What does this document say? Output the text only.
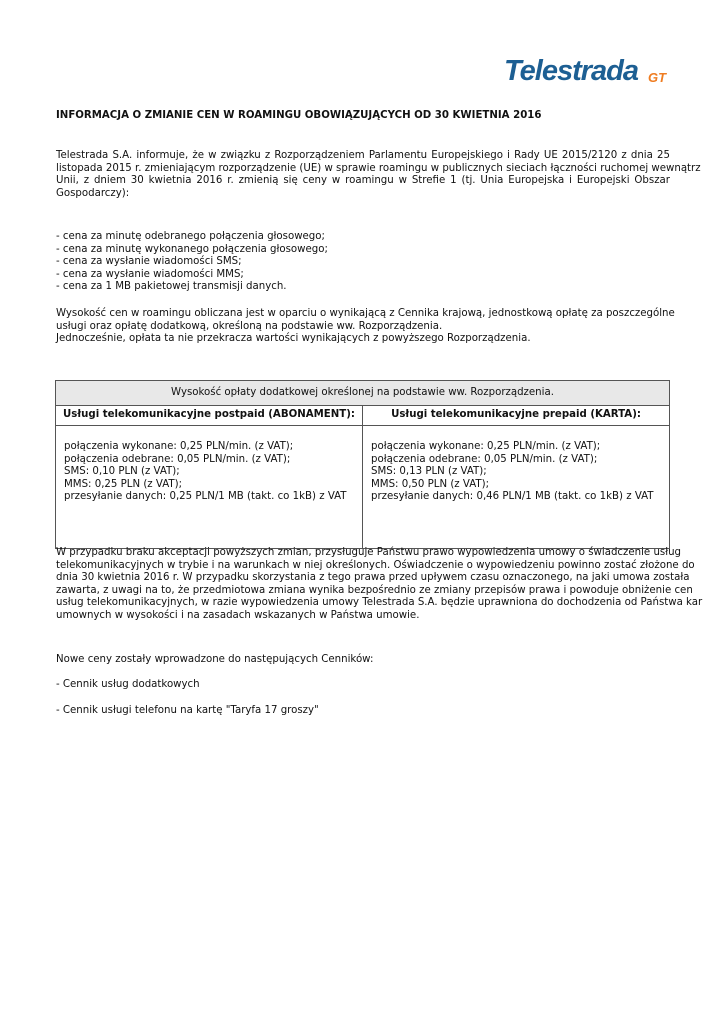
Telestrada GT
INFORMACJA O ZMIANIE CEN W ROAMINGU OBOWIĄZUJĄCYCH OD 30 KWIETNIA 2016
Telestrada S.A. informuje, że w związku z Rozporządzeniem Parlamentu Europejskiego i Rady UE 2015/2120 z dnia 25
listopada 2015 r. zmieniającym rozporządzenie (UE) w sprawie roamingu w publicznych sieciach łączności ruchomej wewnątrz
Unii, z dniem 30 kwietnia 2016 r. zmienią się ceny w roamingu w Strefie 1 (tj. Unia Europejska i Europejski Obszar
Gospodarczy):
- cena za minutę odebranego połączenia głosowego;
- cena za minutę wykonanego połączenia głosowego;
- cena za wysłanie wiadomości SMS;
- cena za wysłanie wiadomości MMS;
- cena za 1 MB pakietowej transmisji danych.
Wysokość cen w roamingu obliczana jest w oparciu o wynikającą z Cennika krajową, jednostkową opłatę za poszczególne
usługi oraz opłatę dodatkową, określoną na podstawie ww. Rozporządzenia.
Jednocześnie, opłata ta nie przekracza wartości wynikających z powyższego Rozporządzenia.
Wysokość opłaty dodatkowej określonej na podstawie ww. Rozporządzenia.	
Usługi telekomunikacyjne postpaid (ABONAMENT):	Usługi telekomunikacyjne prepaid (KARTA):

połączenia wykonane: 0,25 PLN/min. (z VAT);
połączenia odebrane: 0,05 PLN/min. (z VAT);
SMS: 0,10 PLN (z VAT);
MMS: 0,25 PLN (z VAT);
przesyłanie danych: 0,25 PLN/1 MB (takt. co 1kB) z VAT	połączenia wykonane: 0,25 PLN/min. (z VAT);
połączenia odebrane: 0,05 PLN/min. (z VAT);
SMS: 0,13 PLN (z VAT);
MMS: 0,50 PLN (z VAT);
przesyłanie danych: 0,46 PLN/1 MB (takt. co 1kB) z VAT
W przypadku braku akceptacji powyższych zmian, przysługuje Państwu prawo wypowiedzenia umowy o świadczenie usług
telekomunikacyjnych w trybie i na warunkach w niej określonych. Oświadczenie o wypowiedzeniu powinno zostać złożone do
dnia 30 kwietnia 2016 r. W przypadku skorzystania z tego prawa przed upływem czasu oznaczonego, na jaki umowa została
zawarta, z uwagi na to, że przedmiotowa zmiana wynika bezpośrednio ze zmiany przepisów prawa i powoduje obniżenie cen
usług telekomunikacyjnych, w razie wypowiedzenia umowy Telestrada S.A. będzie uprawniona do dochodzenia od Państwa kar
umownych w wysokości i na zasadach wskazanych w Państwa umowie.
Nowe ceny zostały wprowadzone do następujących Cenników:
- Cennik usług dodatkowych
- Cennik usługi telefonu na kartę "Taryfa 17 groszy"
